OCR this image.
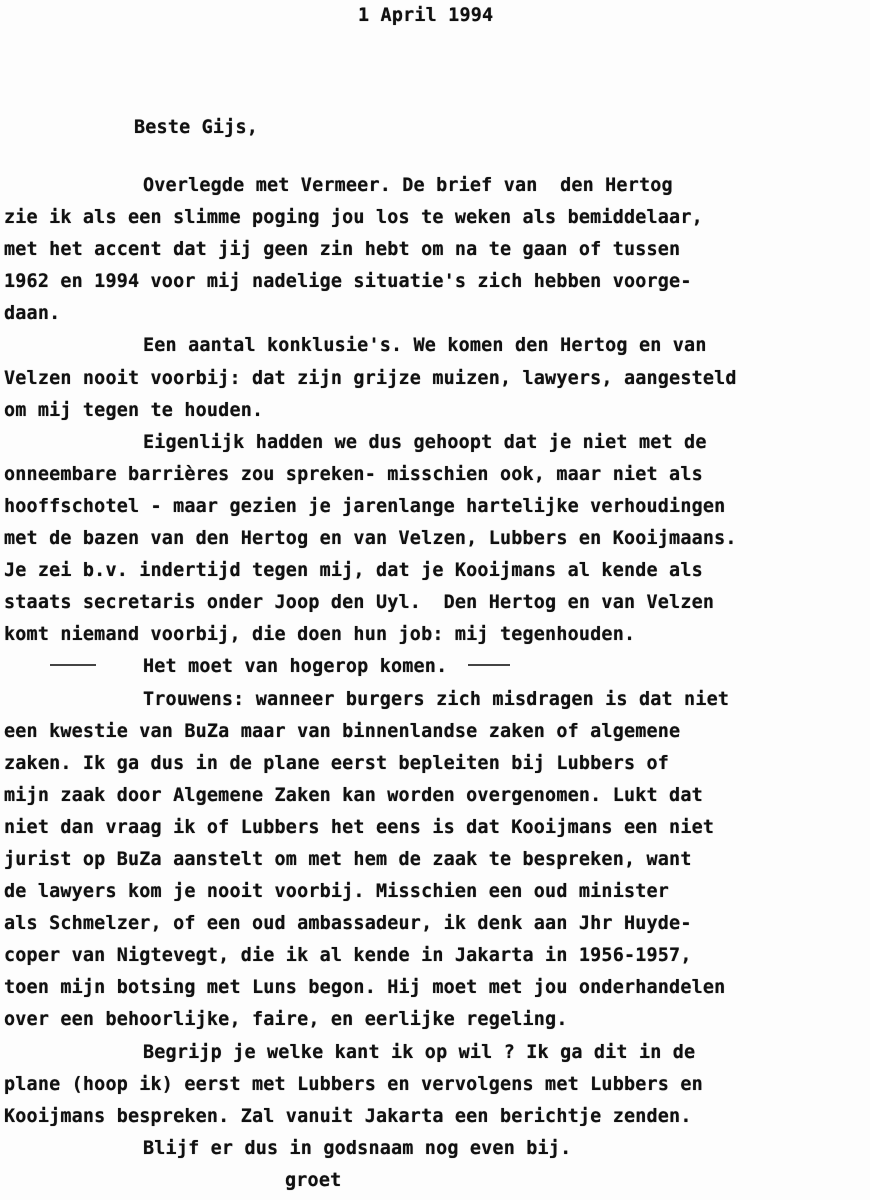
1 April 1994
Beste Gijs,
Overlegde met Vermeer. De brief van  den Hertog
zie ik als een slimme poging jou los te weken als bemiddelaar,
met het accent dat jij geen zin hebt om na te gaan of tussen
1962 en 1994 voor mij nadelige situatie's zich hebben voorge-
daan.
Een aantal konklusie's. We komen den Hertog en van
Velzen nooit voorbij: dat zijn grijze muizen, lawyers, aangesteld
om mij tegen te houden.
Eigenlijk hadden we dus gehoopt dat je niet met de
onneembare barrières zou spreken- misschien ook, maar niet als
hooffschotel - maar gezien je jarenlange hartelijke verhoudingen
met de bazen van den Hertog en van Velzen, Lubbers en Kooijmaans.
Je zei b.v. indertijd tegen mij, dat je Kooijmans al kende als
staats secretaris onder Joop den Uyl.  Den Hertog en van Velzen
komt niemand voorbij, die doen hun job: mij tegenhouden.
Het moet van hogerop komen.
Trouwens: wanneer burgers zich misdragen is dat niet
een kwestie van BuZa maar van binnenlandse zaken of algemene
zaken. Ik ga dus in de plane eerst bepleiten bij Lubbers of
mijn zaak door Algemene Zaken kan worden overgenomen. Lukt dat
niet dan vraag ik of Lubbers het eens is dat Kooijmans een niet
jurist op BuZa aanstelt om met hem de zaak te bespreken, want
de lawyers kom je nooit voorbij. Misschien een oud minister
als Schmelzer, of een oud ambassadeur, ik denk aan Jhr Huyde-
coper van Nigtevegt, die ik al kende in Jakarta in 1956-1957,
toen mijn botsing met Luns begon. Hij moet met jou onderhandelen
over een behoorlijke, faire, en eerlijke regeling.
Begrijp je welke kant ik op wil ? Ik ga dit in de
plane (hoop ik) eerst met Lubbers en vervolgens met Lubbers en
Kooijmans bespreken. Zal vanuit Jakarta een berichtje zenden.
Blijf er dus in godsnaam nog even bij.
groet
